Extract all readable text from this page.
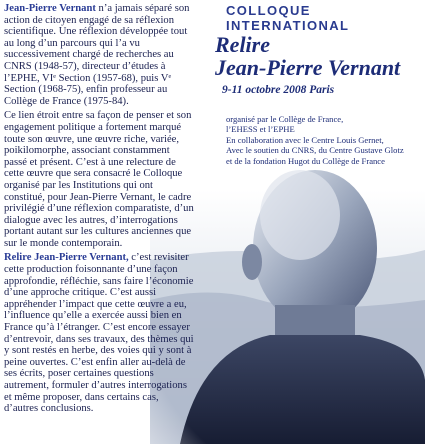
Jean-Pierre Vernant n’a jamais séparé son action de citoyen engagé de sa réflexion scientifique. Une réflexion développée tout au long d’un parcours qui l’a vu successivement chargé de recherches au CNRS (1948-57), directeur d’études à l’EPHE, VIᵉ Section (1957-68), puis Vᵉ Section (1968-75), enfin professeur au Collège de France (1975-84).

Ce lien étroit entre sa façon de penser et son engagement politique a fortement marqué toute son œuvre, une œuvre riche, variée, poikilomorphe, associant constamment passé et présent. C’est à une relecture de cette œuvre que sera consacré le Colloque organisé par les Institutions qui ont constitué, pour Jean-Pierre Vernant, le cadre privilégié d’une réflexion comparatiste, d’un dialogue avec les autres, d’interrogations portant autant sur les cultures anciennes que sur le monde contemporain.

Relire Jean-Pierre Vernant, c’est revisiter cette production foisonnante d’une façon approfondie, réfléchie, sans faire l’économie d’une approche critique. C’est aussi appréhender l’impact que cette œuvre a eu, l’influence qu’elle a exercée aussi bien en France qu’à l’étranger. C’est encore essayer d’entrevoir, dans ses travaux, des thèmes qui y sont restés en herbe, des voies qui y sont à peine ouvertes. C’est enfin aller au-delà de ses écrits, poser certaines questions autrement, formuler d’autres interrogations et même proposer, dans certains cas, d’autres conclusions.

COLLOQUE INTERNATIONAL
Relire
Jean-Pierre Vernant
9-11 octobre 2008 Paris
organisé par le Collège de France,
l’EHESS et l’EPHE
En collaboration avec le Centre Louis Gernet,
Avec le soutien du CNRS, du Centre Gustave Glotz
et de la fondation Hugot du Collège de France
